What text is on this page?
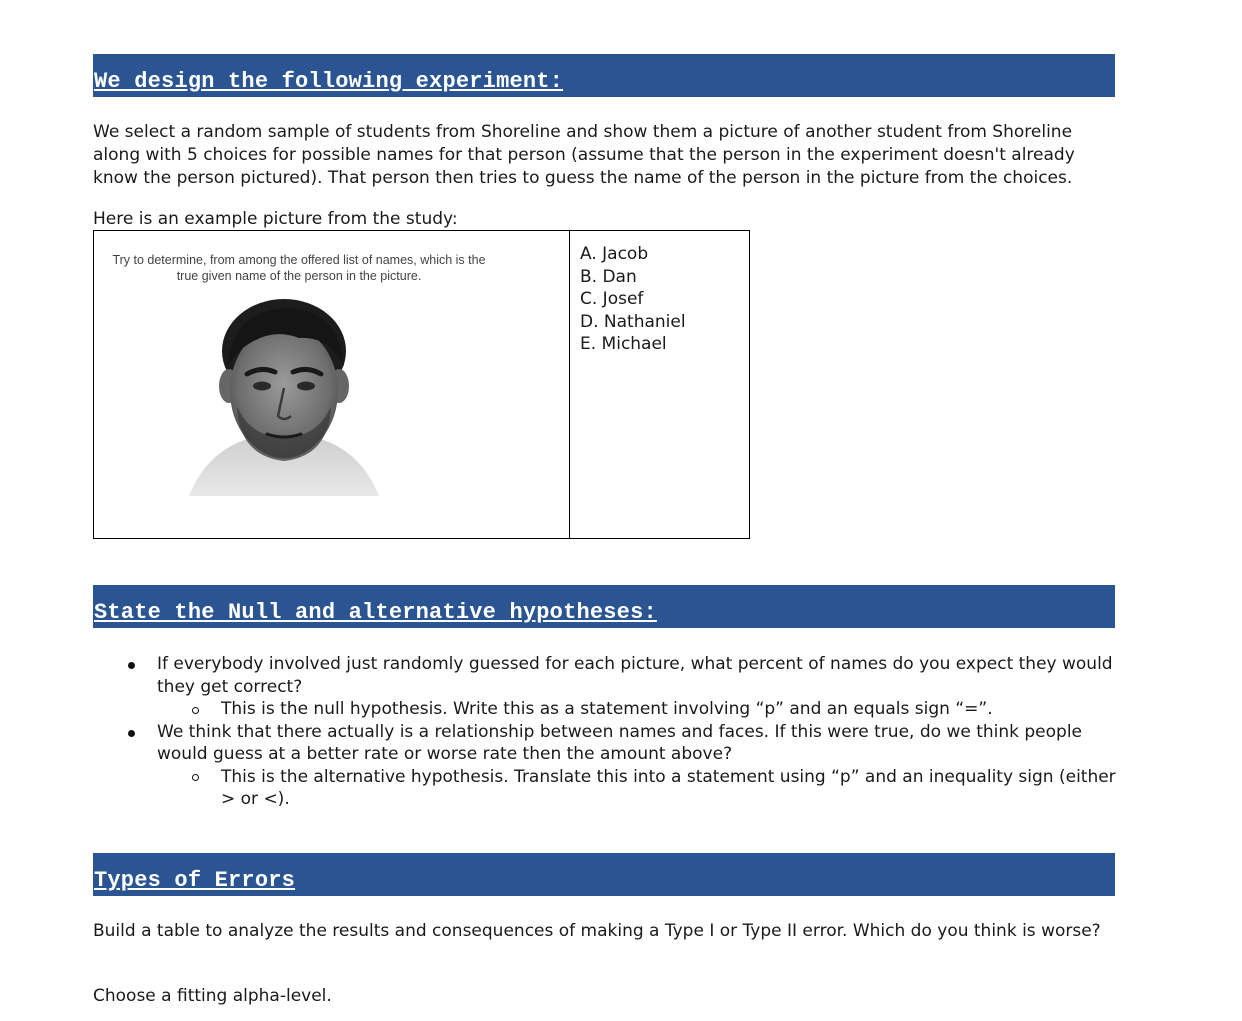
We design the following experiment:

We select a random sample of students from Shoreline and show them a picture of another student from Shoreline along with 5 choices for possible names for that person (assume that the person in the experiment doesn't already know the person pictured). That person then tries to guess the name of the person in the picture from the choices.

Here is an example picture from the study:

Try to determine, from among the offered list of names, which is the true given name of the person in the picture.
A. Jacob
B. Dan
C. Josef
D. Nathaniel
E. Michael
State the Null and alternative hypotheses:
If everybody involved just randomly guessed for each picture, what percent of names do you expect they would they get correct?
This is the null hypothesis. Write this as a statement involving “p” and an equals sign “=”.
We think that there actually is a relationship between names and faces. If this were true, do we think people would guess at a better rate or worse rate then the amount above?
This is the alternative hypothesis. Translate this into a statement using “p” and an inequality sign (either > or <).
Types of Errors

Build a table to analyze the results and consequences of making a Type I or Type II error. Which do you think is worse?

Choose a fitting alpha-level.
